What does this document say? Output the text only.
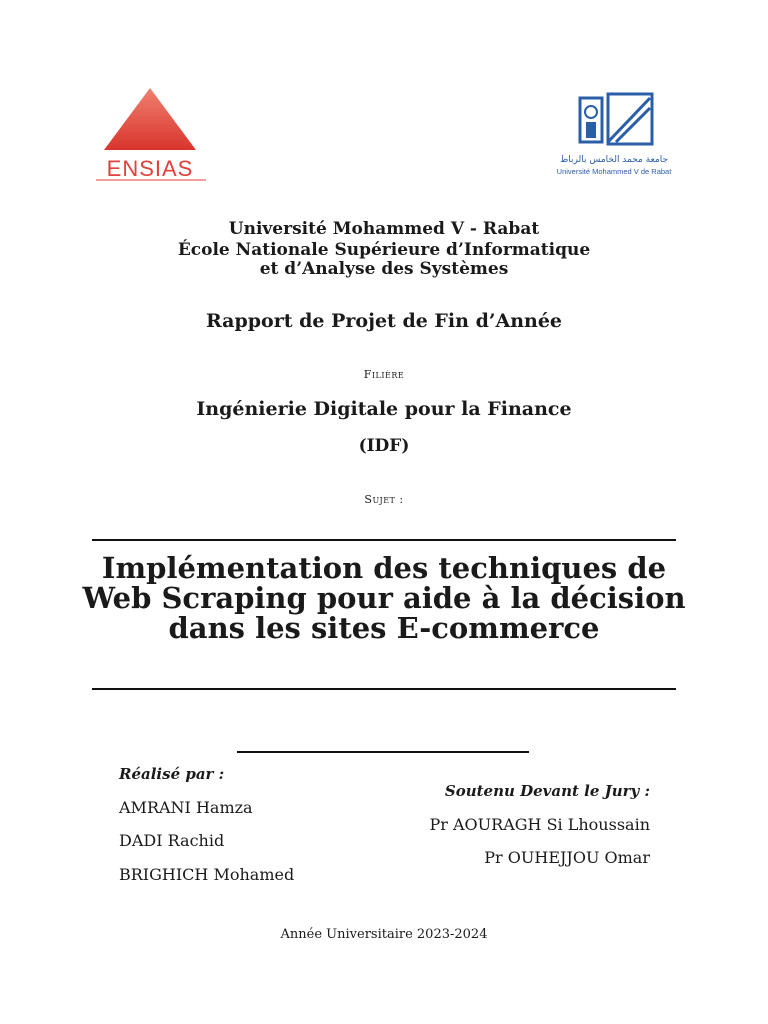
ENSIAS	جامعة محمد الخامس بالرباط
Université Mohammed V de Rabat
Université Mohammed V - Rabat
École Nationale Supérieure d’Informatique
et d’Analyse des Systèmes
Rapport de Projet de Fin d’Année
Filière
Ingénierie Digitale pour la Finance
(IDF)
Sujet :
Implémentation des techniques de
Web Scraping pour aide à la décision
dans les sites E-commerce
Réalisé par :
AMRANI Hamza
DADI Rachid
BRIGHICH Mohamed
Soutenu Devant le Jury :
Pr AOURAGH Si Lhoussain
Pr OUHEJJOU Omar
Année Universitaire 2023-2024
